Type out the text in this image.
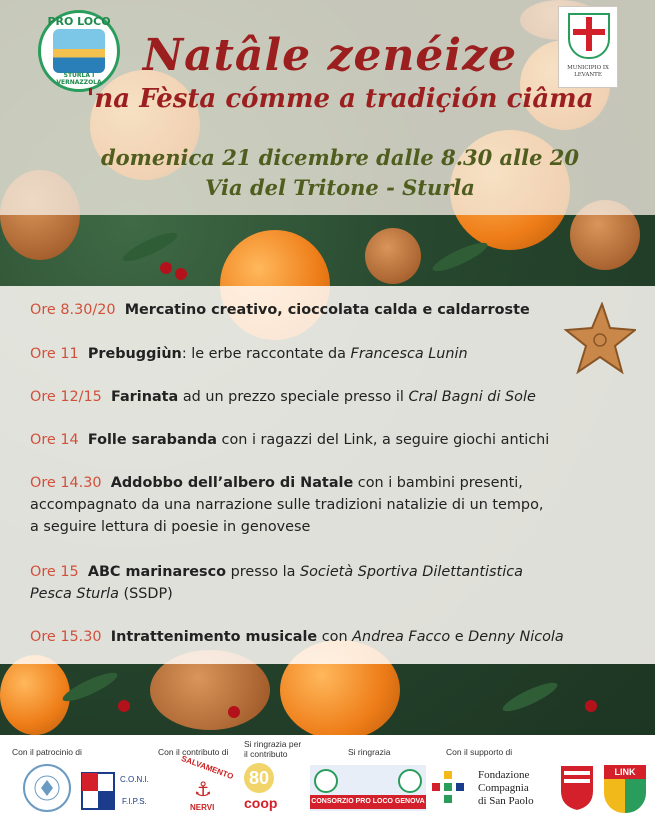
PRO LOCO
STURLA I VERNAZZOLA
MUNICIPIO IX LEVANTE
Natâle zenéize
'na Fèsta cómme a tradiçión ciâma
domenica 21 dicembre dalle 8.30 alle 20
Via del Tritone - Sturla
Ore 8.30/20 Mercatino creativo, cioccolata calda e caldarroste
Ore 11 Prebuggiùn: le erbe raccontate da Francesca Lunin
Ore 12/15 Farinata ad un prezzo speciale presso il Cral Bagni di Sole
Ore 14 Folle sarabanda con i ragazzi del Link, a seguire giochi antichi
Ore 14.30 Addobbo dell’albero di Natale con i bambini presenti,
accompagnato da una narrazione sulle tradizioni natalizie di un tempo,
a seguire lettura di poesie in genovese
Ore 15 ABC marinaresco presso la Società Sportiva Dilettantistica
Pesca Sturla (SSDP)
Ore 15.30 Intrattenimento musicale con Andrea Facco e Denny Nicola
Con il patrocinio di	Con il contributo di
Si ringrazia per
il contributo	Si ringrazia	Con il supporto di
C.O.N.I.
F.I.P.S.
SALVAMENTO
⚓
NERVI
80
coop	CONSORZIO PRO LOCO GENOVA
Fondazione
Compagnia
di San Paolo
LINK
